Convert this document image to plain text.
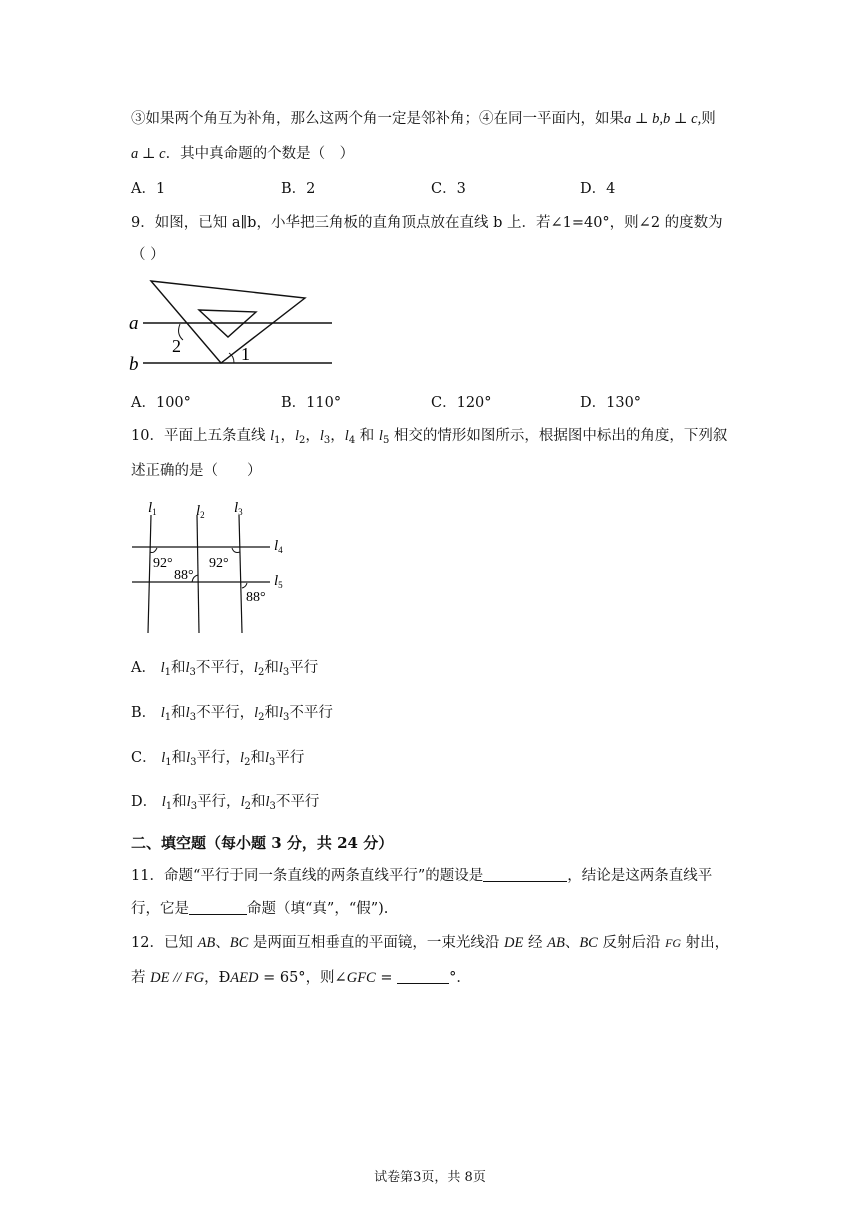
③如果两个角互为补角，那么这两个角一定是邻补角；④在同一平面内，如果a ⊥ b,b ⊥ c,则
a ⊥ c．其中真命题的个数是（　）
A．1	B．2	C．3	D．4
9．如图，已知 a∥b，小华把三角板的直角顶点放在直线 b 上．若∠1=40°，则∠2 的度数为
（ ）
a
b
2	1
A．100°	B．110°	C．120°	D．130°
10．平面上五条直线 $l_1$，$l_2$，$l_3$，$l_4$ 和 $l_5$ 相交的情形如图所示，根据图中标出的角度，下列叙
述正确的是（　　）
$l_1$	$l_2$ $l_3$
$l_4$
$l_5$
92°	92°
88°
88°
A． $l_1$和$l_3$不平行，$l_2$和$l_3$平行
B． $l_1$和$l_3$不平行，$l_2$和$l_3$不平行
C． $l_1$和$l_3$平行，$l_2$和$l_3$平行
D． $l_1$和$l_3$平行，$l_2$和$l_3$不平行
二、填空题（每小题 3 分，共 24 分）
11．命题“平行于同一条直线的两条直线平行”的题设是	，结论是这两条直线平
行，它是	命题（填“真”，“假”).
12．已知 AB、BC 是两面互相垂直的平面镜，一束光线沿 DE 经 AB、BC 反射后沿 FG 射出，
若 DE // FG，ÐAED = 65°，则∠GFC =	°．
试卷第3页，共 8页
